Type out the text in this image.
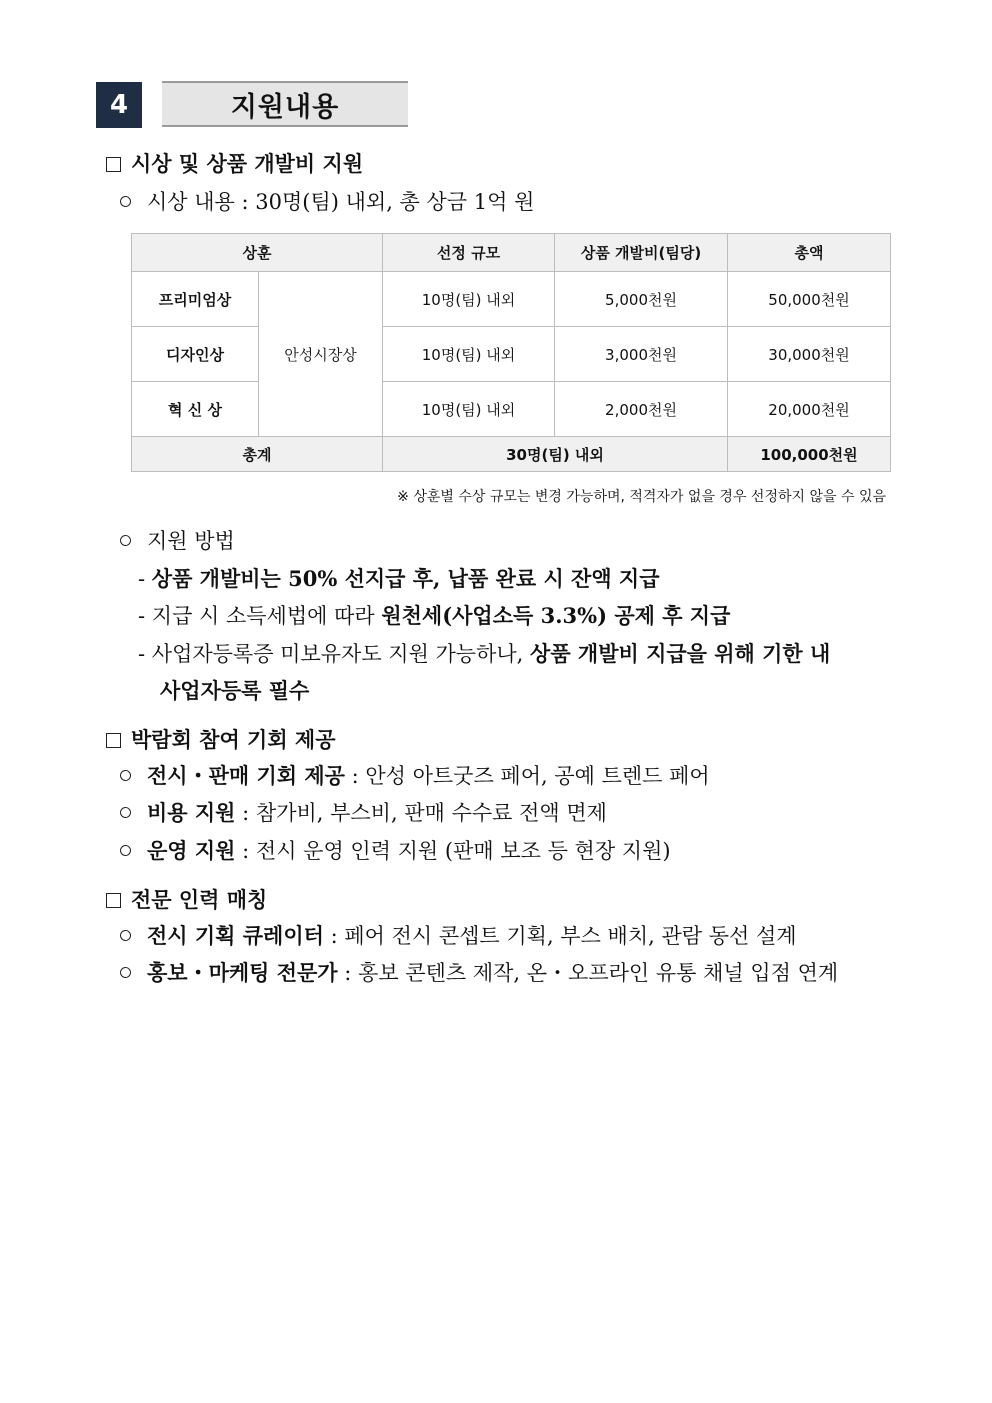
4	지원내용
시상 및 상품 개발비 지원
시상 내용 : 30명(팀) 내외, 총 상금 1억 원
상훈		선정 규모	상품 개발비(팀당)	총액
프리미엄상	안성시장상	10명(팀) 내외	5,000천원	50,000천원
디자인상		10명(팀) 내외	3,000천원	30,000천원
혁 신 상		10명(팀) 내외	2,000천원	20,000천원
총계		30명(팀) 내외		100,000천원
※ 상훈별 수상 규모는 변경 가능하며, 적격자가 없을 경우 선정하지 않을 수 있음
지원 방법
- 상품 개발비는 50% 선지급 후, 납품 완료 시 잔액 지급
- 지급 시 소득세법에 따라 원천세(사업소득 3.3%) 공제 후 지급
- 사업자등록증 미보유자도 지원 가능하나, 상품 개발비 지급을 위해 기한 내
사업자등록 필수
박람회 참여 기회 제공
전시・판매 기회 제공 : 안성 아트굿즈 페어, 공예 트렌드 페어
비용 지원 : 참가비, 부스비, 판매 수수료 전액 면제
운영 지원 : 전시 운영 인력 지원 (판매 보조 등 현장 지원)
전문 인력 매칭
전시 기획 큐레이터 : 페어 전시 콘셉트 기획, 부스 배치, 관람 동선 설계
홍보・마케팅 전문가 : 홍보 콘텐츠 제작, 온・오프라인 유통 채널 입점 연계
